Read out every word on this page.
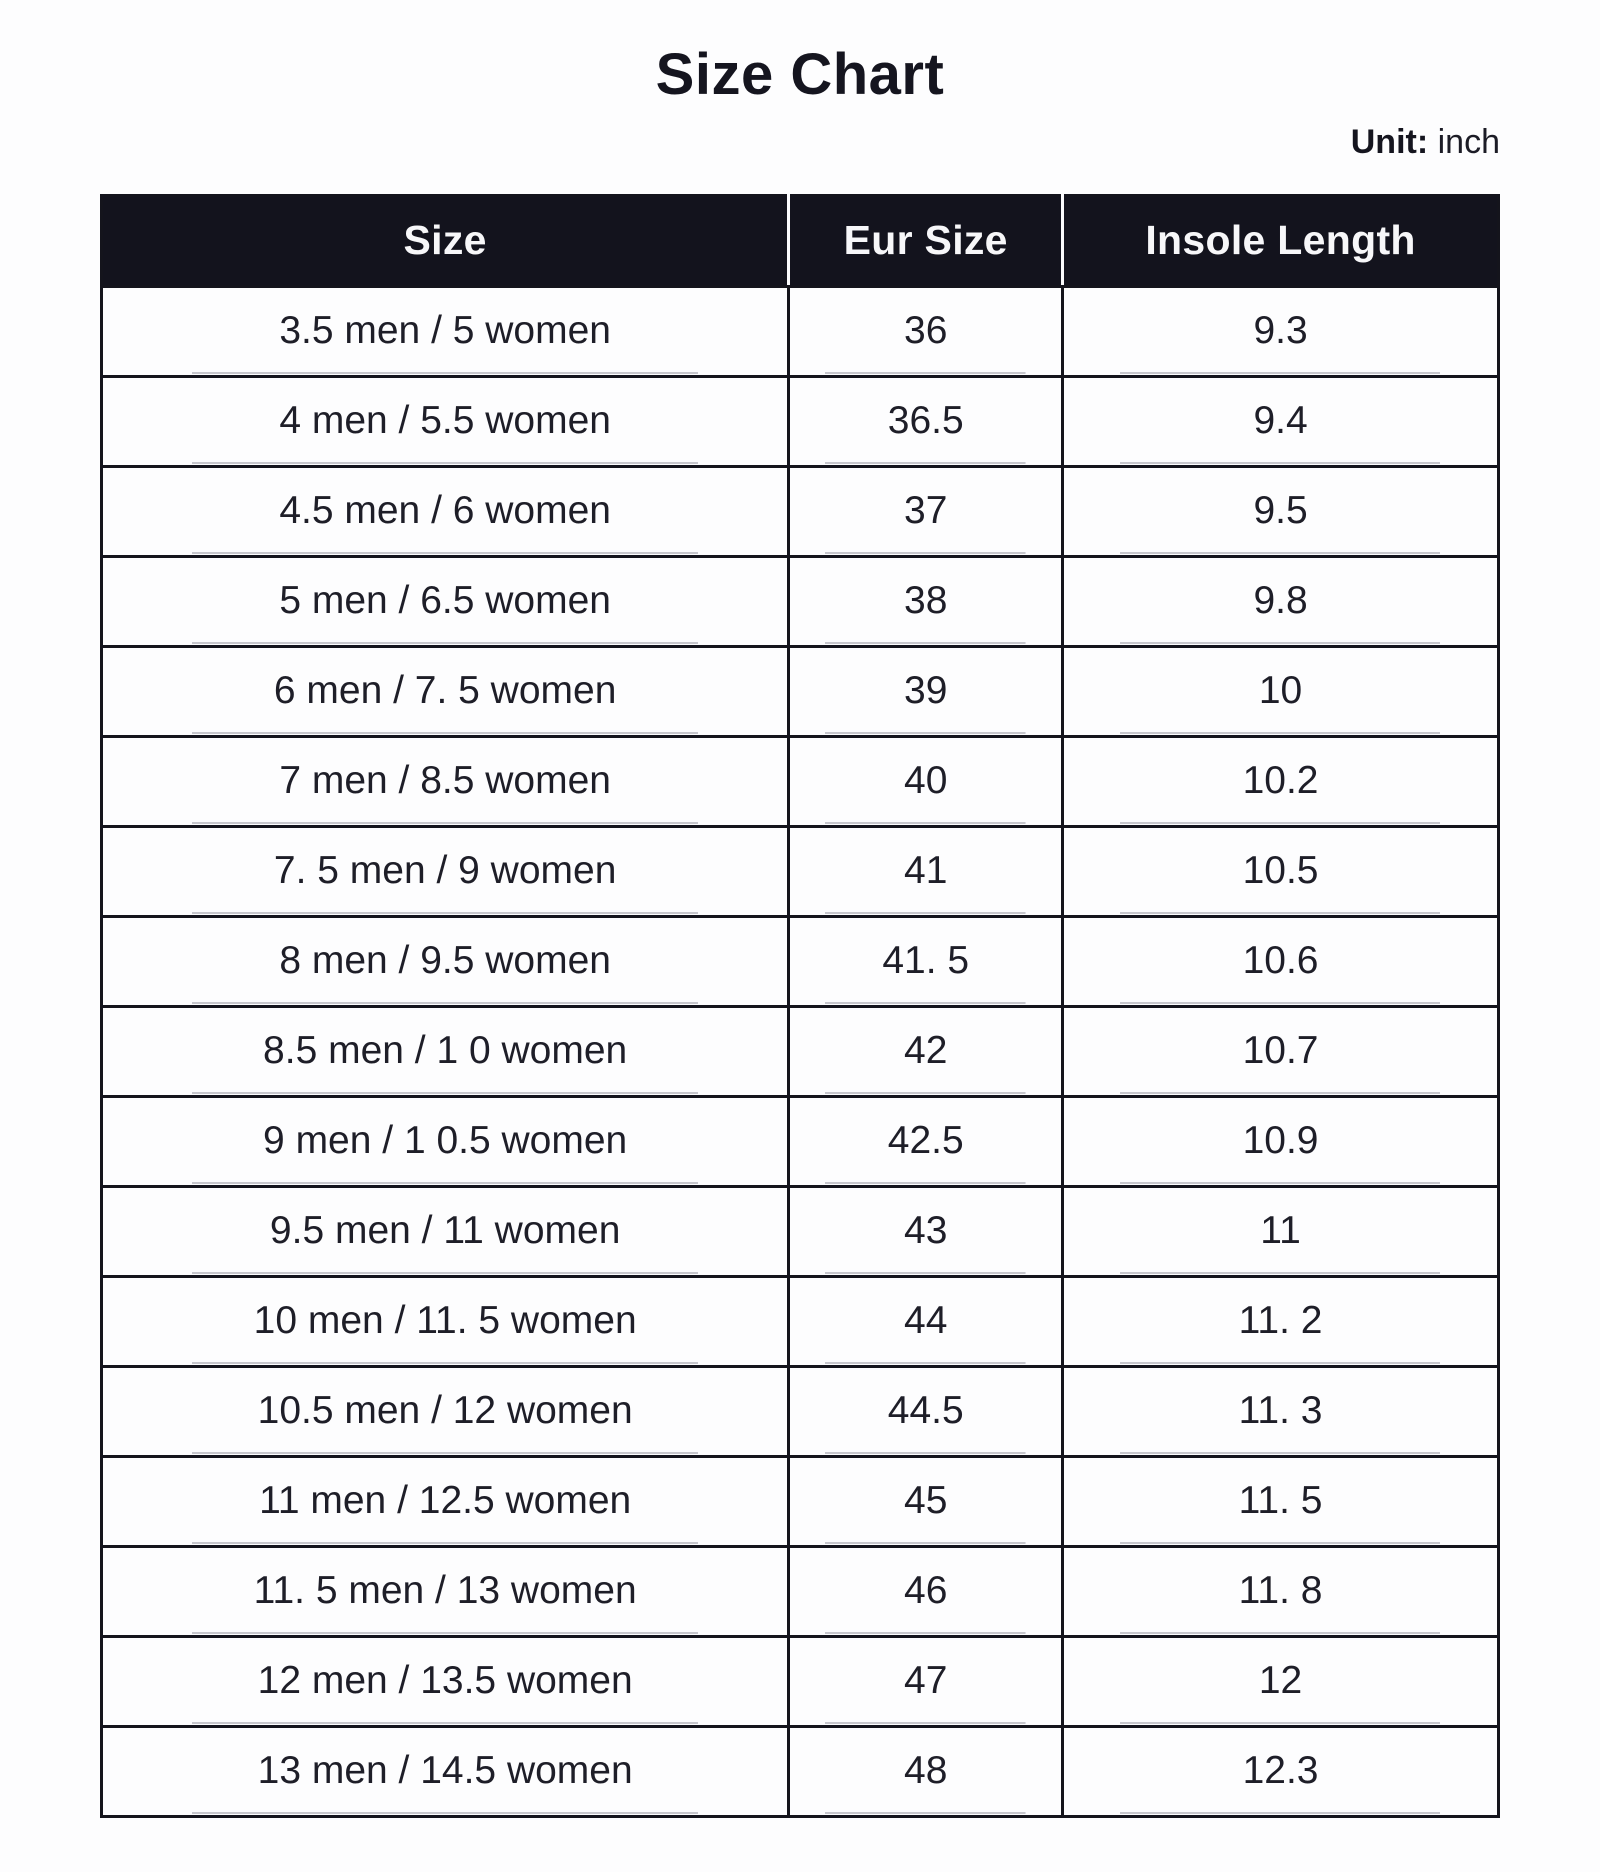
Size Chart
Unit: inch
Size	Eur Size	Insole Length
3.5 men / 5 women	36	9.3
4 men / 5.5 women	36.5	9.4
4.5 men / 6 women	37	9.5
5 men / 6.5 women	38	9.8
6 men / 7. 5 women	39	10
7 men / 8.5 women	40	10.2
7. 5 men / 9 women	41	10.5
8 men / 9.5 women	41. 5	10.6
8.5 men / 1 0 women	42	10.7
9 men / 1 0.5 women	42.5	10.9
9.5 men / 11 women	43	11
10 men / 11. 5 women	44	11. 2
10.5 men / 12 women	44.5	11. 3
11 men / 12.5 women	45	11. 5
11. 5 men / 13 women	46	11. 8
12 men / 13.5 women	47	12
13 men / 14.5 women	48	12.3
